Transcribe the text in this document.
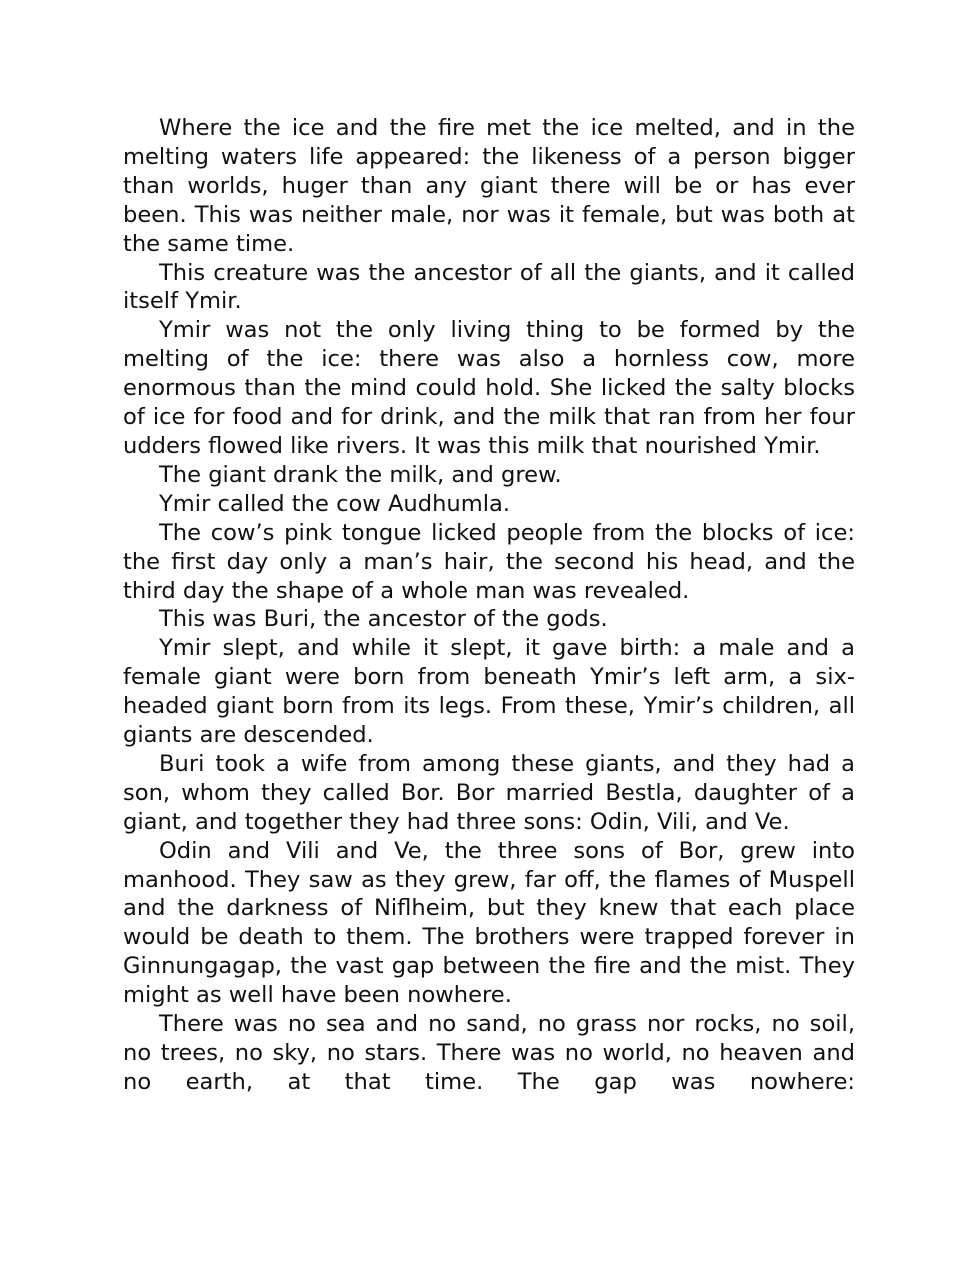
Where the ice and the fire met the ice melted, and in the melting waters life appeared: the likeness of a person bigger than worlds, huger than any giant there will be or has ever been. This was neither male, nor was it female, but was both at the same time.

This creature was the ancestor of all the giants, and it called itself Ymir.

Ymir was not the only living thing to be formed by the melting of the ice: there was also a hornless cow, more enormous than the mind could hold. She licked the salty blocks of ice for food and for drink, and the milk that ran from her four udders flowed like rivers. It was this milk that nourished Ymir.

The giant drank the milk, and grew.

Ymir called the cow Audhumla.

The cow’s pink tongue licked people from the blocks of ice: the first day only a man’s hair, the second his head, and the third day the shape of a whole man was revealed.

This was Buri, the ancestor of the gods.

Ymir slept, and while it slept, it gave birth: a male and a female giant were born from beneath Ymir’s left arm, a six-headed giant born from its legs. From these, Ymir’s children, all giants are descended.

Buri took a wife from among these giants, and they had a son, whom they called Bor. Bor married Bestla, daughter of a giant, and together they had three sons: Odin, Vili, and Ve.

Odin and Vili and Ve, the three sons of Bor, grew into manhood. They saw as they grew, far off, the flames of Muspell and the darkness of Niflheim, but they knew that each place would be death to them. The brothers were trapped forever in Ginnungagap, the vast gap between the fire and the mist. They might as well have been nowhere.

There was no sea and no sand, no grass nor rocks, no soil, no trees, no sky, no stars. There was no world, no heaven and no earth, at that time. The gap was nowhere:
